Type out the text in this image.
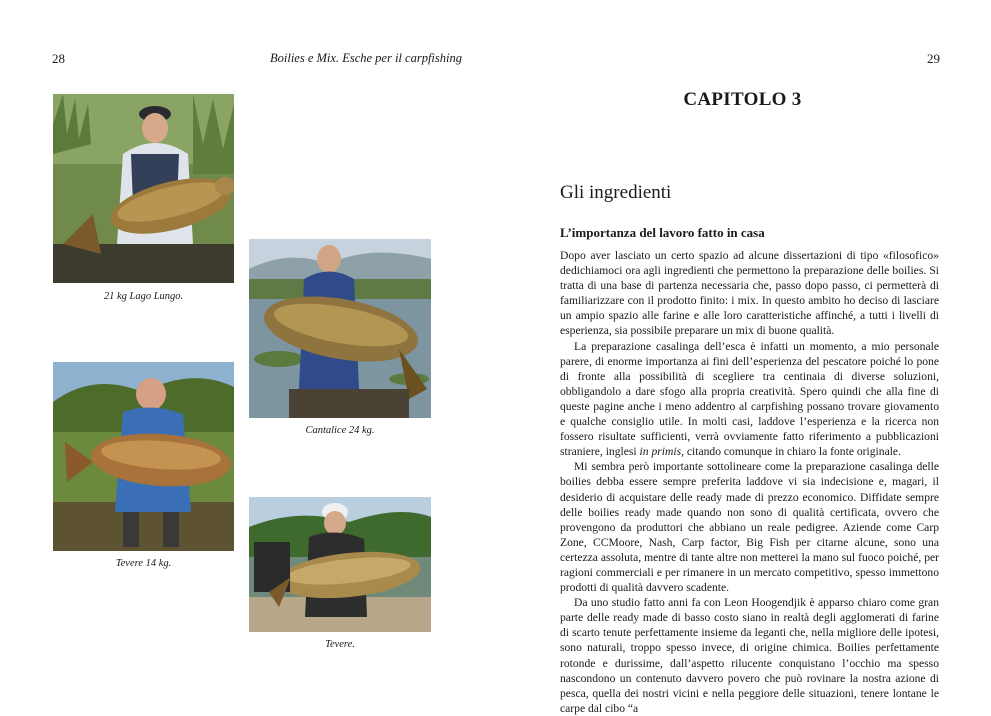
28	Boilies e Mix. Esche per il carpfishing
21 kg Lago Lungo.
Cantalice 24 kg.
Tevere 14 kg.
Tevere.
29
CAPITOLO 3
Gli ingredienti
L’importanza del lavoro fatto in casa

Dopo aver lasciato un certo spazio ad alcune dissertazioni di tipo «filosofico» dedichiamoci ora agli ingredienti che permettono la preparazione delle boilies. Si tratta di una base di partenza necessaria che, passo dopo passo, ci permetterà di familiarizzare con il prodotto finito: i mix. In questo ambito ho deciso di lasciare un ampio spazio alle farine e alle loro caratteristiche affinché, a tutti i livelli di esperienza, sia possibile preparare un mix di buone qualità.

La preparazione casalinga dell’esca è infatti un momento, a mio personale parere, di enorme importanza ai fini dell’esperienza del pescatore poiché lo pone di fronte alla possibilità di scegliere tra centinaia di diverse soluzioni, obbligandolo a dare sfogo alla propria creatività. Spero quindi che alla fine di queste pagine anche i meno addentro al carpfishing possano trovare giovamento e qualche consiglio utile. In molti casi, laddove l’esperienza e la ricerca non fossero risultate sufficienti, verrà ovviamente fatto riferimento a pubblicazioni straniere, inglesi in primis, citando comunque in chiaro la fonte originale.

Mi sembra però importante sottolineare come la preparazione casalinga delle boilies debba essere sempre preferita laddove vi sia indecisione e, magari, il desiderio di acquistare delle ready made di prezzo economico. Diffidate sempre delle boilies ready made quando non sono di qualità certificata, ovvero che provengono da produttori che abbiano un reale pedigree. Aziende come Carp Zone, CCMoore, Nash, Carp factor, Big Fish per citarne alcune, sono una certezza assoluta, mentre di tante altre non metterei la mano sul fuoco poiché, per ragioni commerciali e per rimanere in un mercato competitivo, spesso immettono prodotti di qualità davvero scadente.

Da uno studio fatto anni fa con Leon Hoogendjik è apparso chiaro come gran parte delle ready made di basso costo siano in realtà degli agglomerati di farine di scarto tenute perfettamente insieme da leganti che, nella migliore delle ipotesi, sono naturali, troppo spesso invece, di origine chimica. Boilies perfettamente rotonde e durissime, dall’aspetto rilucente conquistano l’occhio ma spesso nascondono un contenuto davvero povero che può rovinare la nostra azione di pesca, quella dei nostri vicini e nella peggiore delle situazioni, tenere lontane le carpe dal cibo “a
